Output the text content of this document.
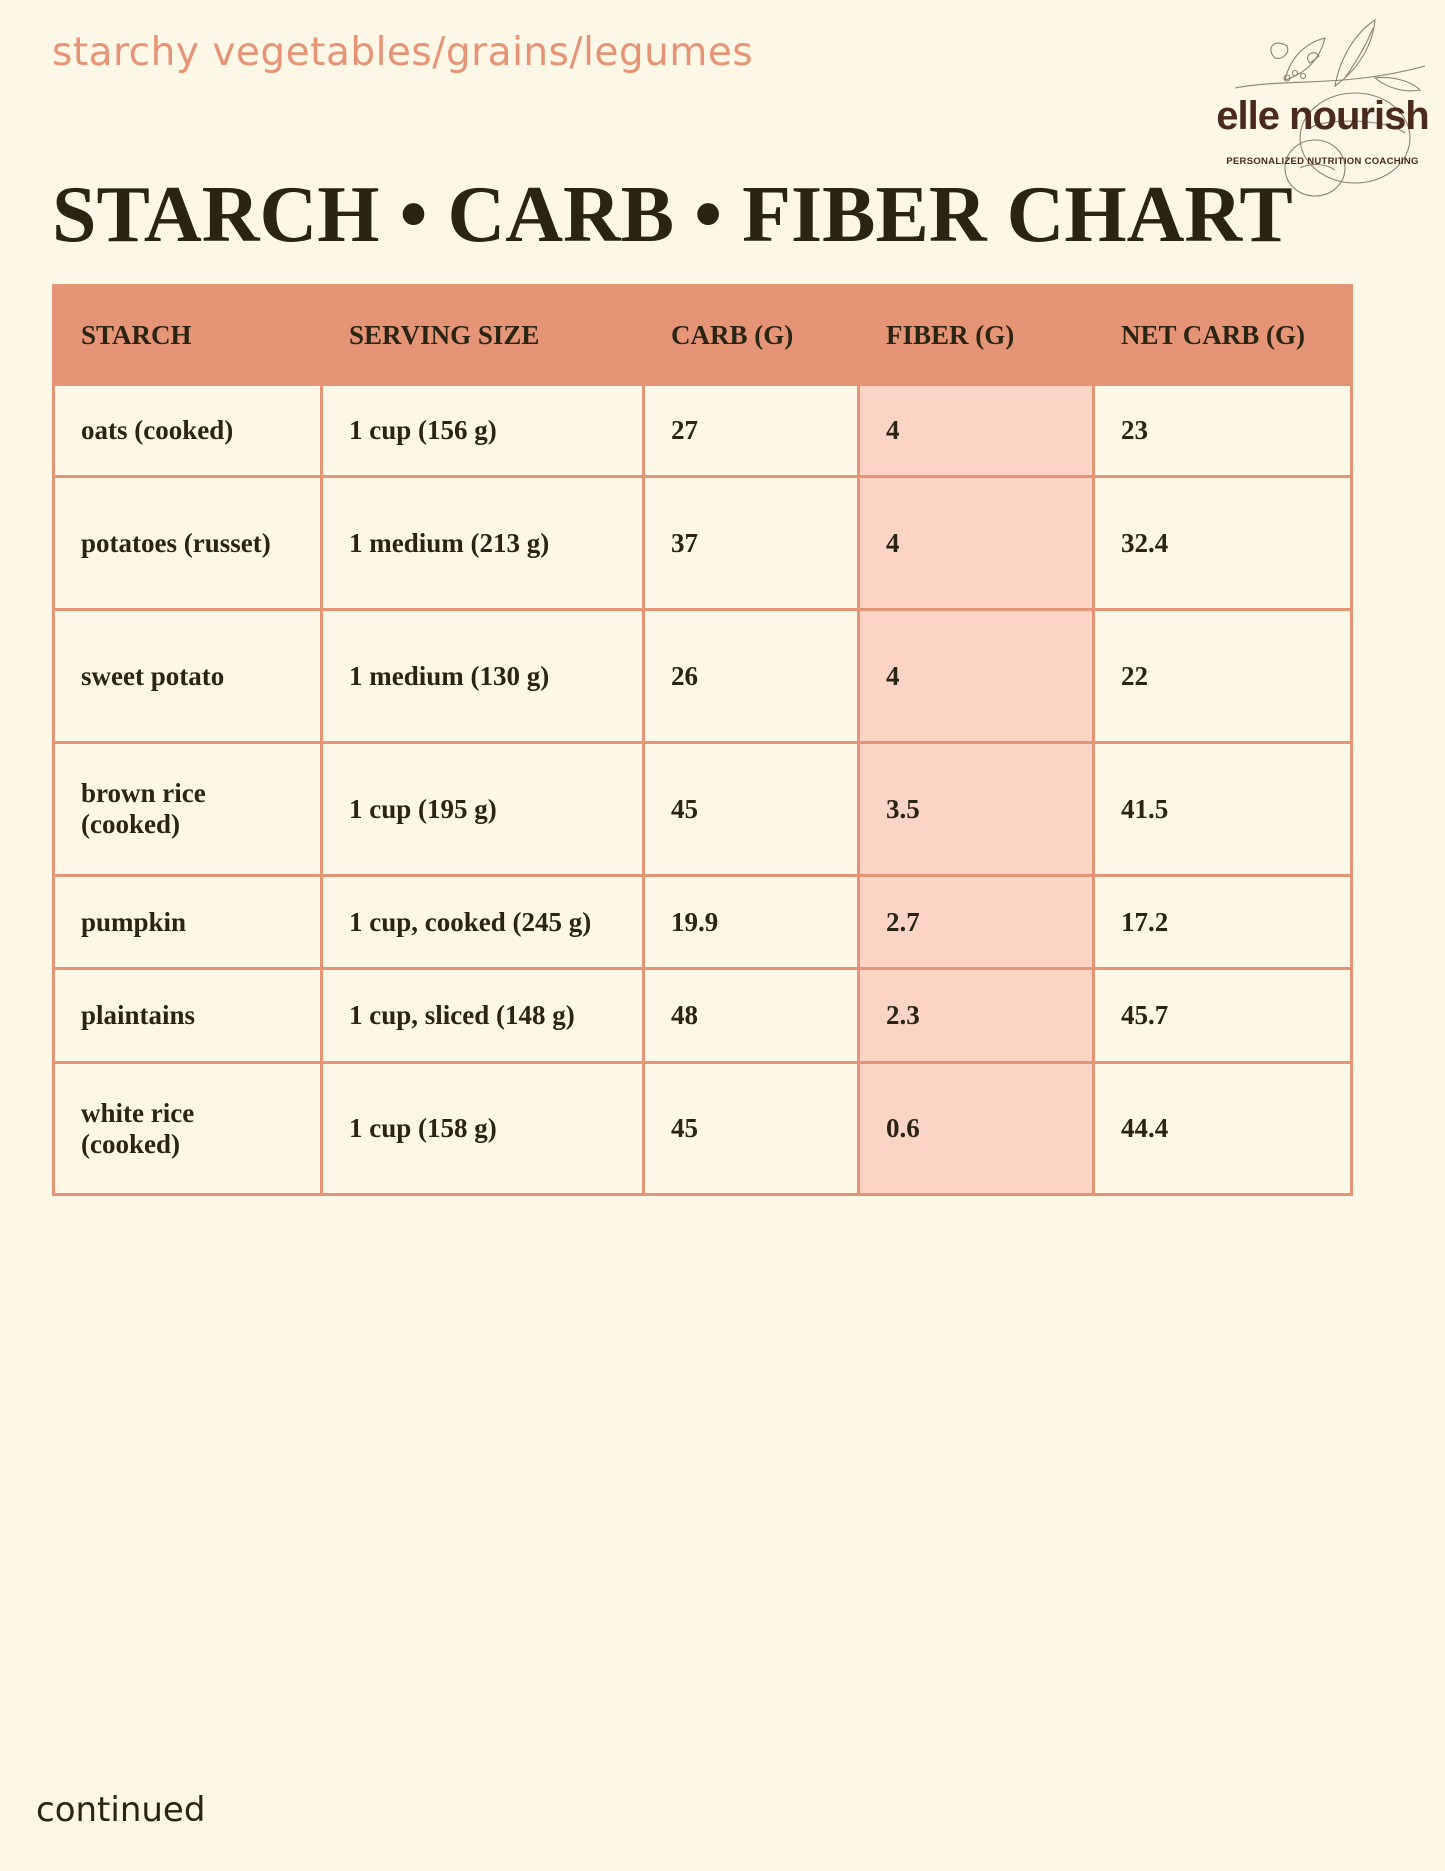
starchy vegetables/grains/legumes
elle nourish
PERSONALIZED NUTRITION COACHING
STARCH • CARB • FIBER CHART
STARCH	SERVING SIZE	CARB (G)	FIBER (G)	NET CARB (G)
oats (cooked)	1 cup (156 g)	27	4	23
potatoes (russet)	1 medium (213 g)	37	4	32.4
sweet potato	1 medium (130 g)	26	4	22
brown rice (cooked)	1 cup (195 g)	45	3.5	41.5
pumpkin	1 cup, cooked (245 g)	19.9	2.7	17.2
plaintains	1 cup, sliced (148 g)	48	2.3	45.7
white rice (cooked)	1 cup (158 g)	45	0.6	44.4
continued
